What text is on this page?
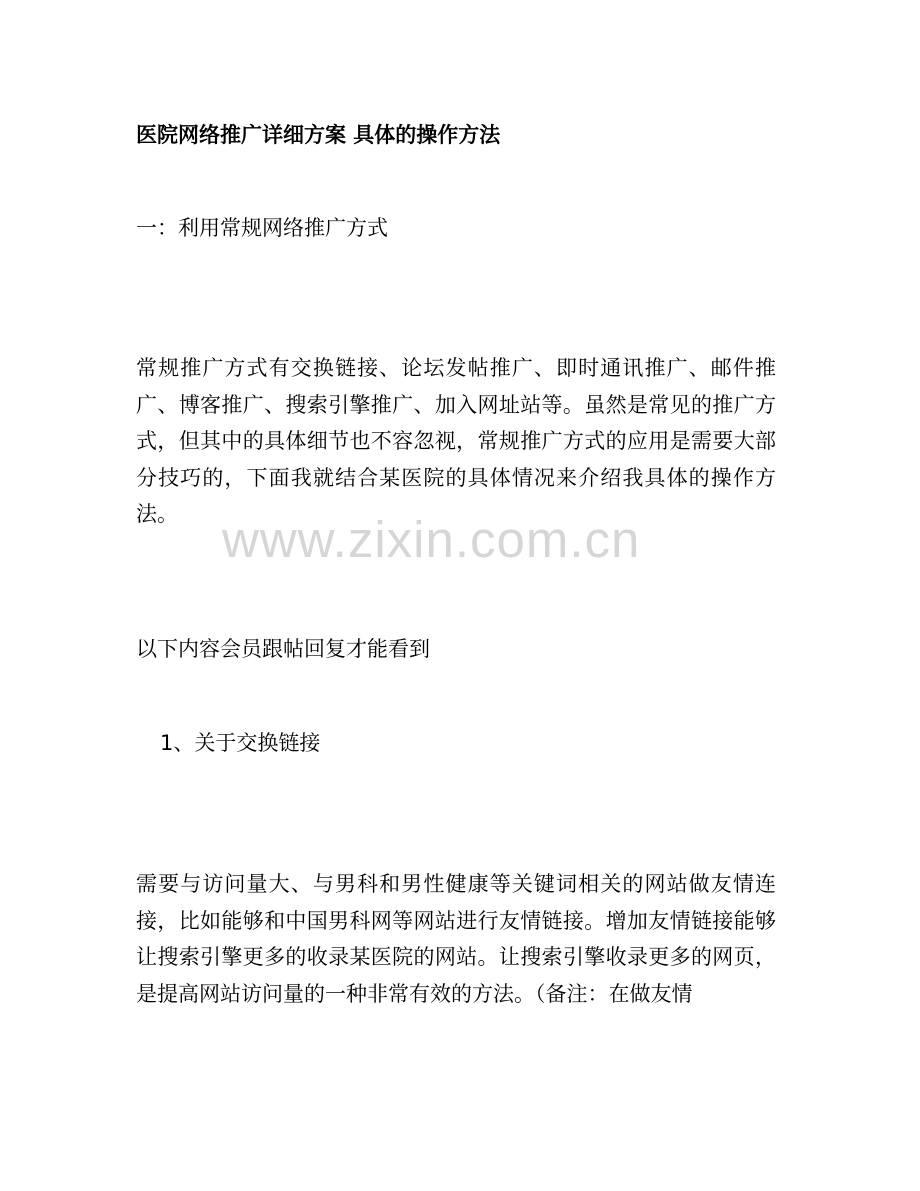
医院网络推广详细方案 具体的操作方法
一：利用常规网络推广方式

常规推广方式有交换链接、论坛发帖推广、即时通讯推广、邮件推广、博客推广、搜索引擎推广、加入网址站等。虽然是常见的推广方式，但其中的具体细节也不容忽视，常规推广方式的应用是需要大部分技巧的，下面我就结合某医院的具体情况来介绍我具体的操作方法。

以下内容会员跟帖回复才能看到
1、关于交换链接

需要与访问量大、与男科和男性健康等关键词相关的网站做友情连接，比如能够和中国男科网等网站进行友情链接。增加友情链接能够让搜索引擎更多的收录某医院的网站。让搜索引擎收录更多的网页，是提高网站访问量的一种非常有效的方法。（备注：在做友情

www.zixin.com.cn
